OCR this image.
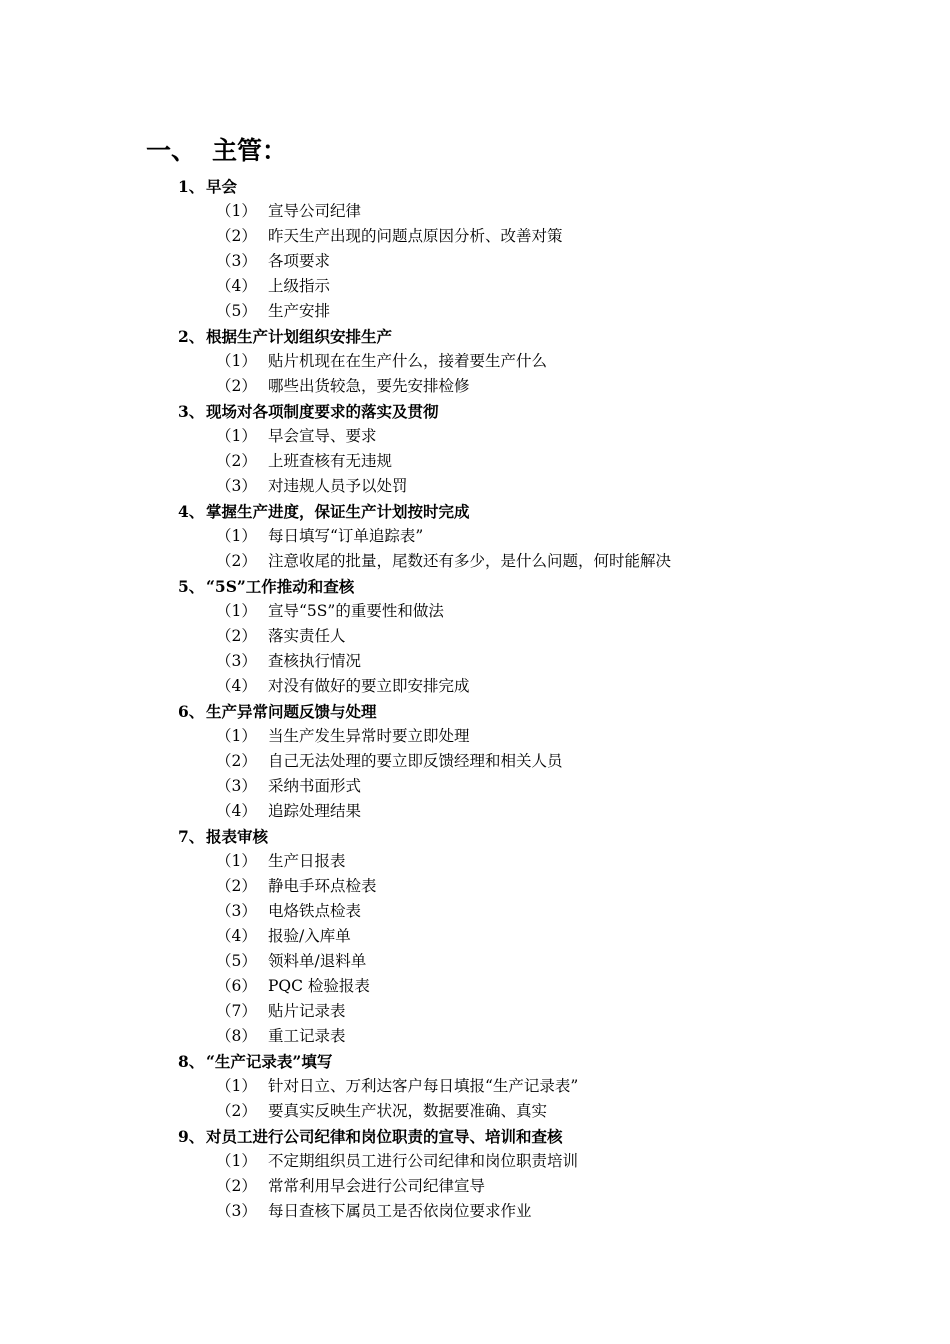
一、 主管：
1、 早会
（1） 宣导公司纪律
（2） 昨天生产出现的问题点原因分析、改善对策
（3） 各项要求
（4） 上级指示
（5） 生产安排
2、 根据生产计划组织安排生产
（1） 贴片机现在在生产什么，接着要生产什么
（2） 哪些出货较急，要先安排检修
3、 现场对各项制度要求的落实及贯彻
（1） 早会宣导、要求
（2） 上班查核有无违规
（3） 对违规人员予以处罚
4、 掌握生产进度，保证生产计划按时完成
（1） 每日填写“订单追踪表”
（2） 注意收尾的批量，尾数还有多少，是什么问题，何时能解决
5、 “5S”工作推动和查核
（1） 宣导“5S”的重要性和做法
（2） 落实责任人
（3） 查核执行情况
（4） 对没有做好的要立即安排完成
6、 生产异常问题反馈与处理
（1） 当生产发生异常时要立即处理
（2） 自己无法处理的要立即反馈经理和相关人员
（3） 采纳书面形式
（4） 追踪处理结果
7、 报表审核
（1） 生产日报表
（2） 静电手环点检表
（3） 电烙铁点检表
（4） 报验/入库单
（5） 领料单/退料单
（6） PQC 检验报表
（7） 贴片记录表
（8） 重工记录表
8、 “生产记录表”填写
（1） 针对日立、万利达客户每日填报“生产记录表”
（2） 要真实反映生产状况，数据要准确、真实
9、 对员工进行公司纪律和岗位职责的宣导、培训和查核
（1） 不定期组织员工进行公司纪律和岗位职责培训
（2） 常常利用早会进行公司纪律宣导
（3） 每日查核下属员工是否依岗位要求作业
